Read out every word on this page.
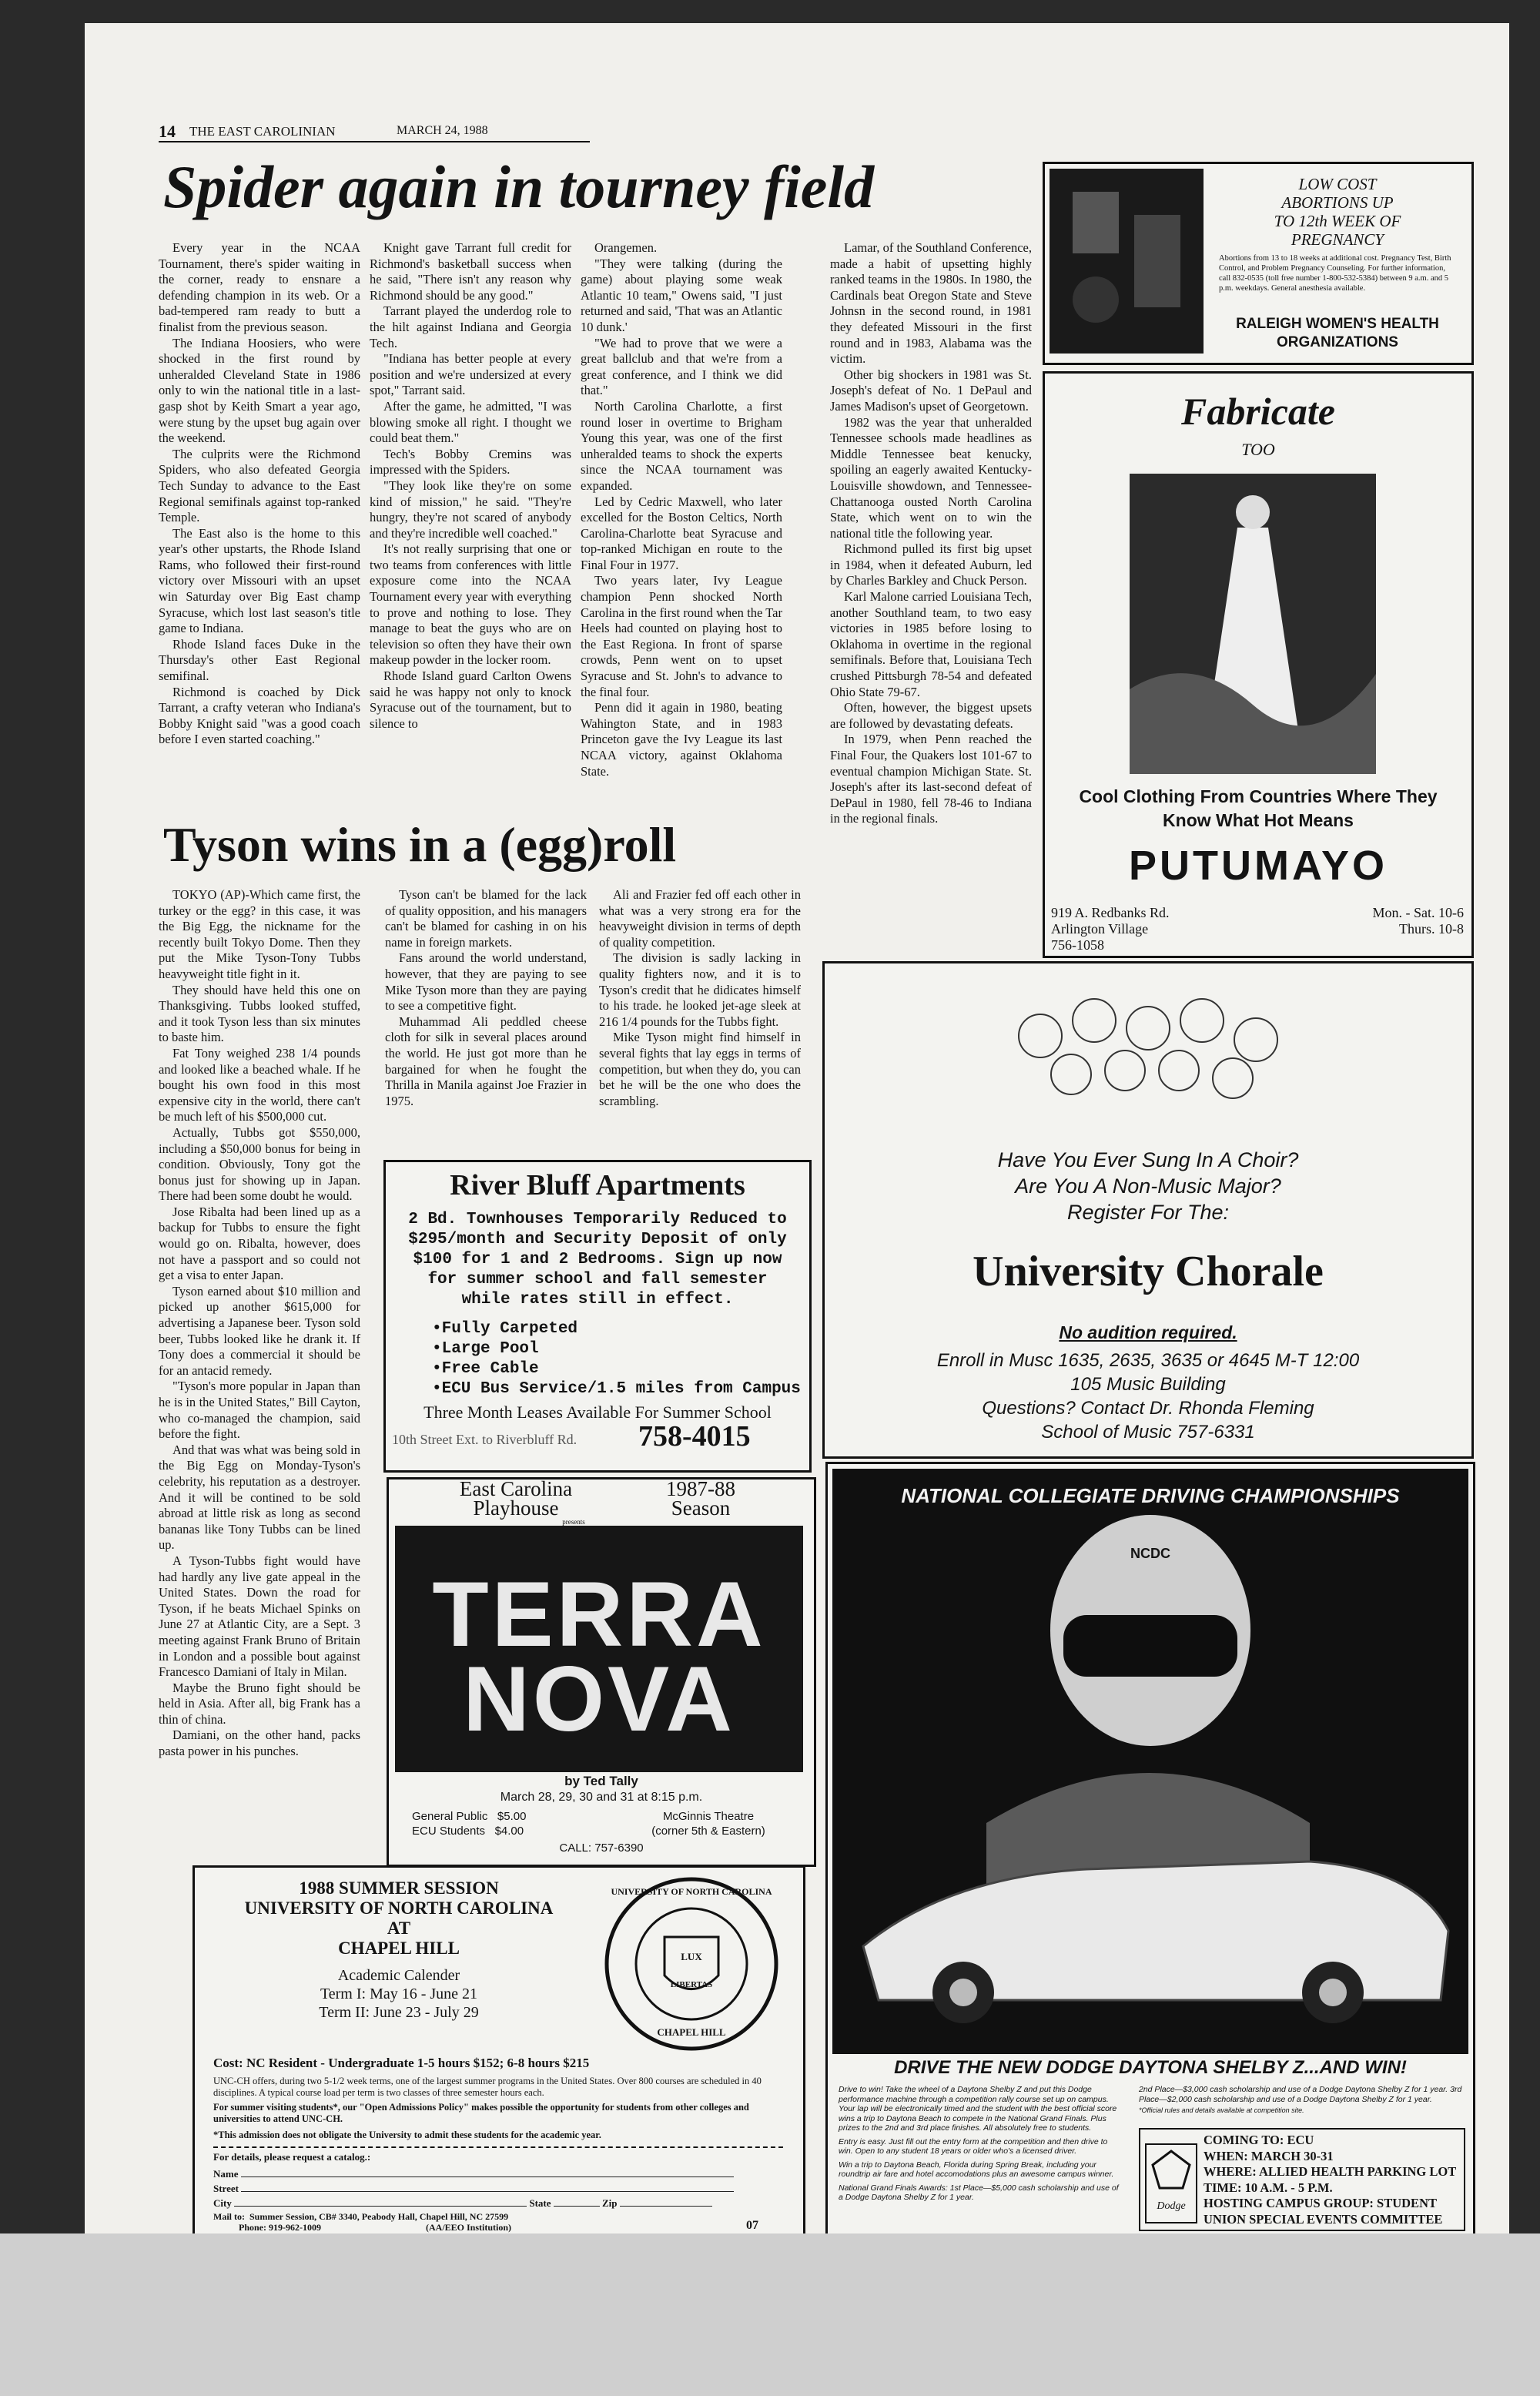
14 THE EAST CAROLINIAN	MARCH 24, 1988
Spider again in tourney field

Every year in the NCAA Tournament, there's spider waiting in the corner, ready to ensnare a defending champion in its web. Or a bad-tempered ram ready to butt a finalist from the previous season.

The Indiana Hoosiers, who were shocked in the first round by unheralded Cleveland State in 1986 only to win the national title in a last-gasp shot by Keith Smart a year ago, were stung by the upset bug again over the weekend.

The culprits were the Richmond Spiders, who also defeated Georgia Tech Sunday to advance to the East Regional semifinals against top-ranked Temple.

The East also is the home to this year's other upstarts, the Rhode Island Rams, who followed their first-round victory over Missouri with an upset win Saturday over Big East champ Syracuse, which lost last season's title game to Indiana.

Rhode Island faces Duke in the Thursday's other East Regional semifinal.

Richmond is coached by Dick Tarrant, a crafty veteran who Indiana's Bobby Knight said "was a good coach before I even started coaching."

Knight gave Tarrant full credit for Richmond's basketball success when he said, "There isn't any reason why Richmond should be any good."

Tarrant played the underdog role to the hilt against Indiana and Georgia Tech.

"Indiana has better people at every position and we're undersized at every spot," Tarrant said.

After the game, he admitted, "I was blowing smoke all right. I thought we could beat them."

Tech's Bobby Cremins was impressed with the Spiders.

"They look like they're on some kind of mission," he said. "They're hungry, they're not scared of anybody and they're incredible well coached."

It's not really surprising that one or two teams from conferences with little exposure come into the NCAA Tournament every year with everything to prove and nothing to lose. They manage to beat the guys who are on television so often they have their own makeup powder in the locker room.

Rhode Island guard Carlton Owens said he was happy not only to knock Syracuse out of the tournament, but to silence to

Orangemen.

"They were talking (during the game) about playing some weak Atlantic 10 team," Owens said, "I just returned and said, 'That was an Atlantic 10 dunk.'

"We had to prove that we were a great ballclub and that we're from a great conference, and I think we did that."

North Carolina Charlotte, a first round loser in overtime to Brigham Young this year, was one of the first unheralded teams to shock the experts since the NCAA tournament was expanded.

Led by Cedric Maxwell, who later excelled for the Boston Celtics, North Carolina-Charlotte beat Syracuse and top-ranked Michigan en route to the Final Four in 1977.

Two years later, Ivy League champion Penn shocked North Carolina in the first round when the Tar Heels had counted on playing host to the East Regiona. In front of sparse crowds, Penn went on to upset Syracuse and St. John's to advance to the final four.

Penn did it again in 1980, beating Wahington State, and in 1983 Princeton gave the Ivy League its last NCAA victory, against Oklahoma State.

Lamar, of the Southland Conference, made a habit of upsetting highly ranked teams in the 1980s. In 1980, the Cardinals beat Oregon State and Steve Johnsn in the second round, in 1981 they defeated Missouri in the first round and in 1983, Alabama was the victim.

Other big shockers in 1981 was St. Joseph's defeat of No. 1 DePaul and James Madison's upset of Georgetown.

1982 was the year that unheralded Tennessee schools made headlines as Middle Tennessee beat kenucky, spoiling an eagerly awaited Kentucky-Louisville showdown, and Tennessee-Chattanooga ousted North Carolina State, which went on to win the national title the following year.

Richmond pulled its first big upset in 1984, when it defeated Auburn, led by Charles Barkley and Chuck Person.

Karl Malone carried Louisiana Tech, another Southland team, to two easy victories in 1985 before losing to Oklahoma in overtime in the regional semifinals. Before that, Louisiana Tech crushed Pittsburgh 78-54 and defeated Ohio State 79-67.

Often, however, the biggest upsets are followed by devastating defeats.

In 1979, when Penn reached the Final Four, the Quakers lost 101-67 to eventual champion Michigan State. St. Joseph's after its last-second defeat of DePaul in 1980, fell 78-46 to Indiana in the regional finals.

Tyson wins in a (egg)roll

TOKYO (AP)-Which came first, the turkey or the egg? in this case, it was the Big Egg, the nickname for the recently built Tokyo Dome. Then they put the Mike Tyson-Tony Tubbs heavyweight title fight in it.

They should have held this one on Thanksgiving. Tubbs looked stuffed, and it took Tyson less than six minutes to baste him.

Fat Tony weighed 238 1/4 pounds and looked like a beached whale. If he bought his own food in this most expensive city in the world, there can't be much left of his $500,000 cut.

Actually, Tubbs got $550,000, including a $50,000 bonus for being in condition. Obviously, Tony got the bonus just for showing up in Japan. There had been some doubt he would.

Jose Ribalta had been lined up as a backup for Tubbs to ensure the fight would go on. Ribalta, however, does not have a passport and so could not get a visa to enter Japan.

Tyson earned about $10 million and picked up another $615,000 for advertising a Japanese beer. Tyson sold beer, Tubbs looked like he drank it. If Tony does a commercial it should be for an antacid remedy.

"Tyson's more popular in Japan than he is in the United States," Bill Cayton, who co-managed the champion, said before the fight.

And that was what was being sold in the Big Egg on Monday-Tyson's celebrity, his reputation as a destroyer. And it will be contined to be sold abroad at little risk as long as second bananas like Tony Tubbs can be lined up.

A Tyson-Tubbs fight would have had hardly any live gate appeal in the United States. Down the road for Tyson, if he beats Michael Spinks on June 27 at Atlantic City, are a Sept. 3 meeting against Frank Bruno of Britain in London and a possible bout against Francesco Damiani of Italy in Milan.

Maybe the Bruno fight should be held in Asia. After all, big Frank has a thin of china.

Damiani, on the other hand, packs pasta power in his punches.

Tyson can't be blamed for the lack of quality opposition, and his managers can't be blamed for cashing in on his name in foreign markets.

Fans around the world understand, however, that they are paying to see Mike Tyson more than they are paying to see a competitive fight.

Muhammad Ali peddled cheese cloth for silk in several places around the world. He just got more than he bargained for when he fought the Thrilla in Manila against Joe Frazier in 1975.

Ali and Frazier fed off each other in what was a very strong era for the heavyweight division in terms of depth of quality competition.

The division is sadly lacking in quality fighters now, and it is to Tyson's credit that he didicates himself to his trade. he looked jet-age sleek at 216 1/4 pounds for the Tubbs fight.

Mike Tyson might find himself in several fights that lay eggs in terms of competition, but when they do, you can bet he will be the one who does the scrambling.

LOW COST
ABORTIONS UP
TO 12th WEEK OF
PREGNANCY
Abortions from 13 to 18 weeks at additional cost. Pregnancy Test, Birth Control, and Problem Pregnancy Counseling. For further information, call 832-0535 (toll free number 1-800-532-5384) between 9 a.m. and 5 p.m. weekdays. General anesthesia available.
RALEIGH WOMEN'S HEALTH ORGANIZATIONS
Fabricate
TOO
Cool Clothing From Countries Where They Know What Hot Means
PUTUMAYO
919 A. Redbanks Rd.
Arlington Village
756-1058
Mon. - Sat. 10-6
Thurs. 10-8
Have You Ever Sung In A Choir?
Are You A Non-Music Major?
Register For The:
University Chorale
No audition required.
Enroll in Musc 1635, 2635, 3635 or 4645 M-T 12:00
105 Music Building
Questions? Contact Dr. Rhonda Fleming
School of Music 757-6331
River Bluff Apartments
2 Bd. Townhouses Temporarily Reduced to $295/month and Security Deposit of only $100 for 1 and 2 Bedrooms. Sign up now for summer school and fall semester while rates still in effect.
•Fully Carpeted
•Large Pool
•Free Cable
•ECU Bus Service/1.5 miles from Campus
Three Month Leases Available For Summer School
10th Street Ext. to Riverbluff Rd. 758-4015
East Carolina
Playhouse
presents
1987-88
Season
TERRA
NOVA
by Ted Tally
March 28, 29, 30 and 31 at 8:15 p.m.
General Public $5.00
ECU Students $4.00
McGinnis Theatre
(corner 5th & Eastern)
CALL: 757-6390
1988 SUMMER SESSION
UNIVERSITY OF NORTH CAROLINA
AT
CHAPEL HILL
Academic Calender
Term I: May 16 - June 21
Term II: June 23 - July 29
LUX
LIBERTAS
UNIVERSITY OF NORTH CAROLINA
CHAPEL HILL
Cost: NC Resident - Undergraduate 1-5 hours $152; 6-8 hours $215
UNC-CH offers, during two 5-1/2 week terms, one of the largest summer programs in the United States. Over 800 courses are scheduled in 40 disciplines. A typical course load per term is two classes of three semester hours each.
For summer visiting students*, our "Open Admissions Policy" makes possible the opportunity for students from other colleges and universities to attend UNC-CH.
*This admission does not obligate the University to admit these students for the academic year.
For details, please request a catalog.:
Name
Street
City	State	Zip
Mail to: Summer Session, CB# 3340, Peabody Hall, Chapel Hill, NC 27599
Phone: 919-962-1009	(AA/EEO Institution)	07
NATIONAL COLLEGIATE DRIVING CHAMPIONSHIPS
NCDC
DRIVE THE NEW DODGE DAYTONA SHELBY Z...AND WIN!
Drive to win! Take the wheel of a Daytona Shelby Z and put this Dodge performance machine through a competition rally course set up on campus. Your lap will be electronically timed and the student with the best official score wins a trip to Daytona Beach to compete in the National Grand Finals. Plus prizes to the 2nd and 3rd place finishes. All absolutely free to students.
Entry is easy. Just fill out the entry form at the competition and then drive to win. Open to any student 18 years or older who's a licensed driver.
Win a trip to Daytona Beach, Florida during Spring Break, including your roundtrip air fare and hotel accomodations plus an awesome campus winner.
National Grand Finals Awards: 1st Place—$5,000 cash scholarship and use of a Dodge Daytona Shelby Z for 1 year.
2nd Place—$3,000 cash scholarship and use of a Dodge Daytona Shelby Z for 1 year. 3rd Place—$2,000 cash scholarship and use of a Dodge Daytona Shelby Z for 1 year.
*Official rules and details available at competition site.
Dodge
COMING TO: ECU
WHEN: MARCH 30-31
WHERE: ALLIED HEALTH PARKING LOT
TIME: 10 A.M. - 5 P.M.
HOSTING CAMPUS GROUP: STUDENT UNION SPECIAL EVENTS COMMITTEE
